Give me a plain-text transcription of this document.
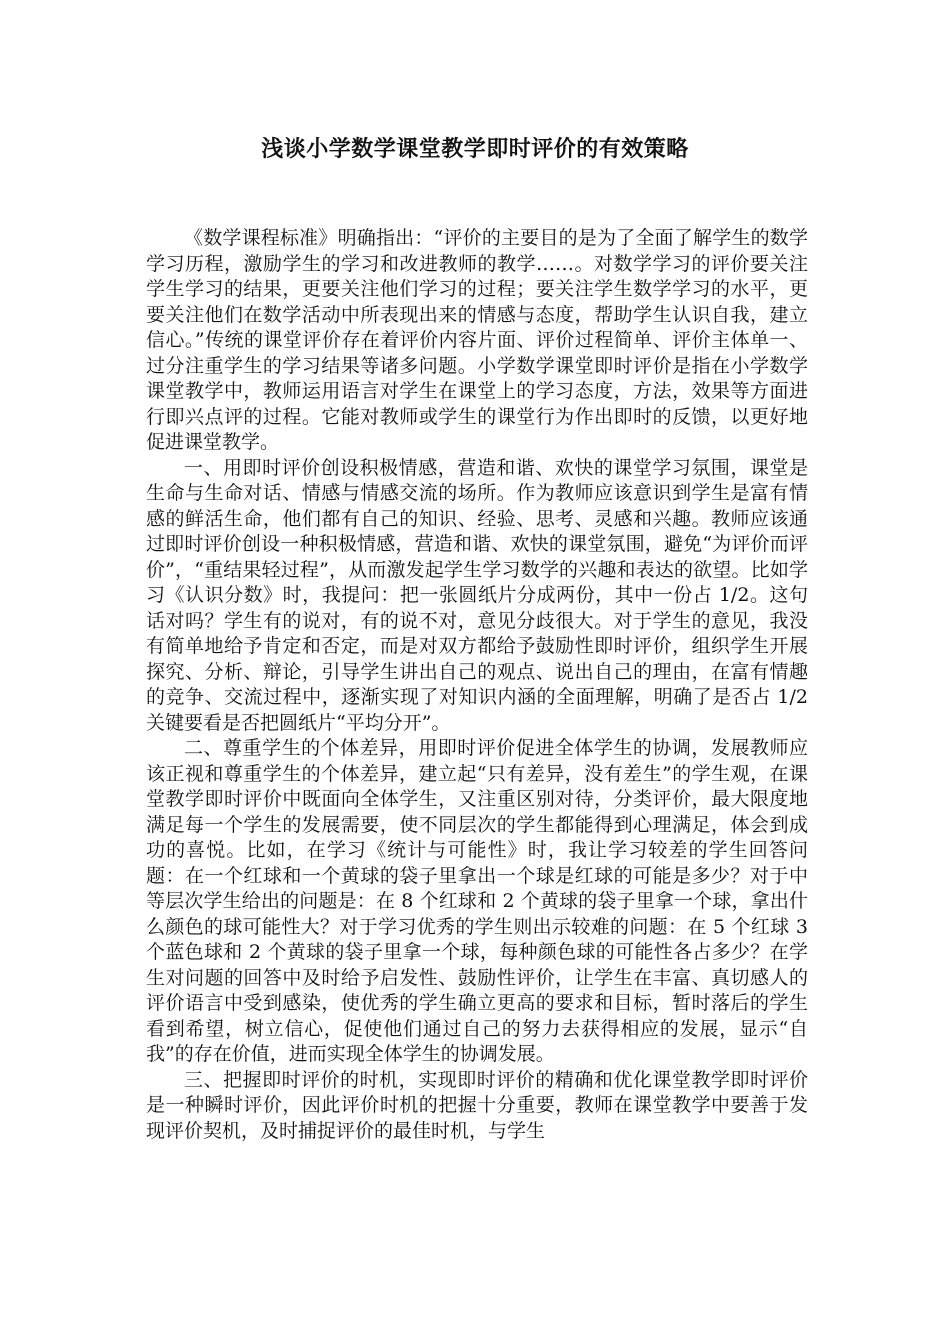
浅谈小学数学课堂教学即时评价的有效策略

《数学课程标准》明确指出：“评价的主要目的是为了全面了解学生的数学学习历程，激励学生的学习和改进教师的教学……。对数学学习的评价要关注学生学习的结果，更要关注他们学习的过程；要关注学生数学学习的水平，更要关注他们在数学活动中所表现出来的情感与态度，帮助学生认识自我，建立信心。”传统的课堂评价存在着评价内容片面、评价过程简单、评价主体单一、过分注重学生的学习结果等诸多问题。小学数学课堂即时评价是指在小学数学课堂教学中，教师运用语言对学生在课堂上的学习态度，方法，效果等方面进行即兴点评的过程。它能对教师或学生的课堂行为作出即时的反馈，以更好地促进课堂教学。

一、用即时评价创设积极情感，营造和谐、欢快的课堂学习氛围，课堂是生命与生命对话、情感与情感交流的场所。作为教师应该意识到学生是富有情感的鲜活生命，他们都有自己的知识、经验、思考、灵感和兴趣。教师应该通过即时评价创设一种积极情感，营造和谐、欢快的课堂氛围，避免“为评价而评价”，“重结果轻过程”，从而激发起学生学习数学的兴趣和表达的欲望。比如学习《认识分数》时，我提问：把一张圆纸片分成两份，其中一份占 1/2。这句话对吗？学生有的说对，有的说不对，意见分歧很大。对于学生的意见，我没有简单地给予肯定和否定，而是对双方都给予鼓励性即时评价，组织学生开展探究、分析、辩论，引导学生讲出自己的观点、说出自己的理由，在富有情趣的竞争、交流过程中，逐渐实现了对知识内涵的全面理解，明确了是否占 1/2 关键要看是否把圆纸片“平均分开”。

二、尊重学生的个体差异，用即时评价促进全体学生的协调，发展教师应该正视和尊重学生的个体差异，建立起“只有差异，没有差生”的学生观，在课堂教学即时评价中既面向全体学生，又注重区别对待，分类评价，最大限度地满足每一个学生的发展需要，使不同层次的学生都能得到心理满足，体会到成功的喜悦。比如，在学习《统计与可能性》时，我让学习较差的学生回答问题：在一个红球和一个黄球的袋子里拿出一个球是红球的可能是多少？对于中等层次学生给出的问题是：在 8 个红球和 2 个黄球的袋子里拿一个球，拿出什么颜色的球可能性大？对于学习优秀的学生则出示较难的问题：在 5 个红球 3 个蓝色球和 2 个黄球的袋子里拿一个球，每种颜色球的可能性各占多少？在学生对问题的回答中及时给予启发性、鼓励性评价，让学生在丰富、真切感人的评价语言中受到感染，使优秀的学生确立更高的要求和目标，暂时落后的学生看到希望，树立信心，促使他们通过自己的努力去获得相应的发展，显示“自我”的存在价值，进而实现全体学生的协调发展。

三、把握即时评价的时机，实现即时评价的精确和优化课堂教学即时评价是一种瞬时评价，因此评价时机的把握十分重要，教师在课堂教学中要善于发现评价契机，及时捕捉评价的最佳时机，与学生
